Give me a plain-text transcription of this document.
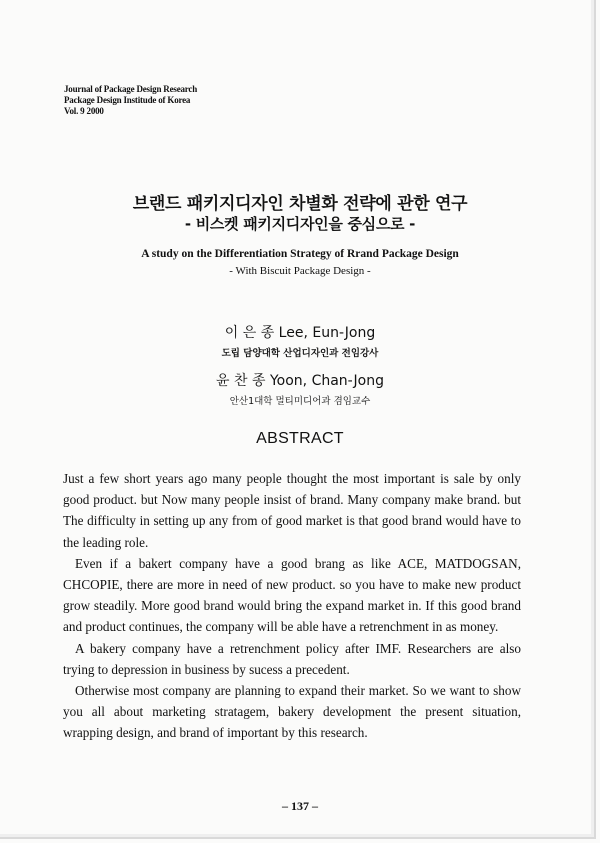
Journal of Package Design Research
Package Design Institude of Korea
Vol. 9 2000
브랜드 패키지디자인 차별화 전략에 관한 연구
- 비스켓 패키지디자인을 중심으로 -
A study on the Differentiation Strategy of Rrand Package Design
- With Biscuit Package Design -
이 은 종 Lee, Eun-Jong
도립 담양대학 산업디자인과 전임강사
윤 찬 종 Yoon, Chan-Jong
안산1대학 멀티미디어과 겸임교수
ABSTRACT

Just a few short years ago many people thought the most important is sale by only good product. but Now many people insist of brand. Many company make brand. but The difficulty in setting up any from of good market is that good brand would have to the leading role.

Even if a bakert company have a good brang as like ACE, MATDOGSAN, CHCOPIE, there are more in need of new product. so you have to make new product grow steadily. More good brand would bring the expand market in. If this good brand and product continues, the company will be able have a retrenchment in as money.

A bakery company have a retrenchment policy after IMF. Researchers are also trying to depression in business by sucess a precedent.

Otherwise most company are planning to expand their market. So we want to show you all about marketing stratagem, bakery development the present situation, wrapping design, and brand of important by this research.

– 137 –
